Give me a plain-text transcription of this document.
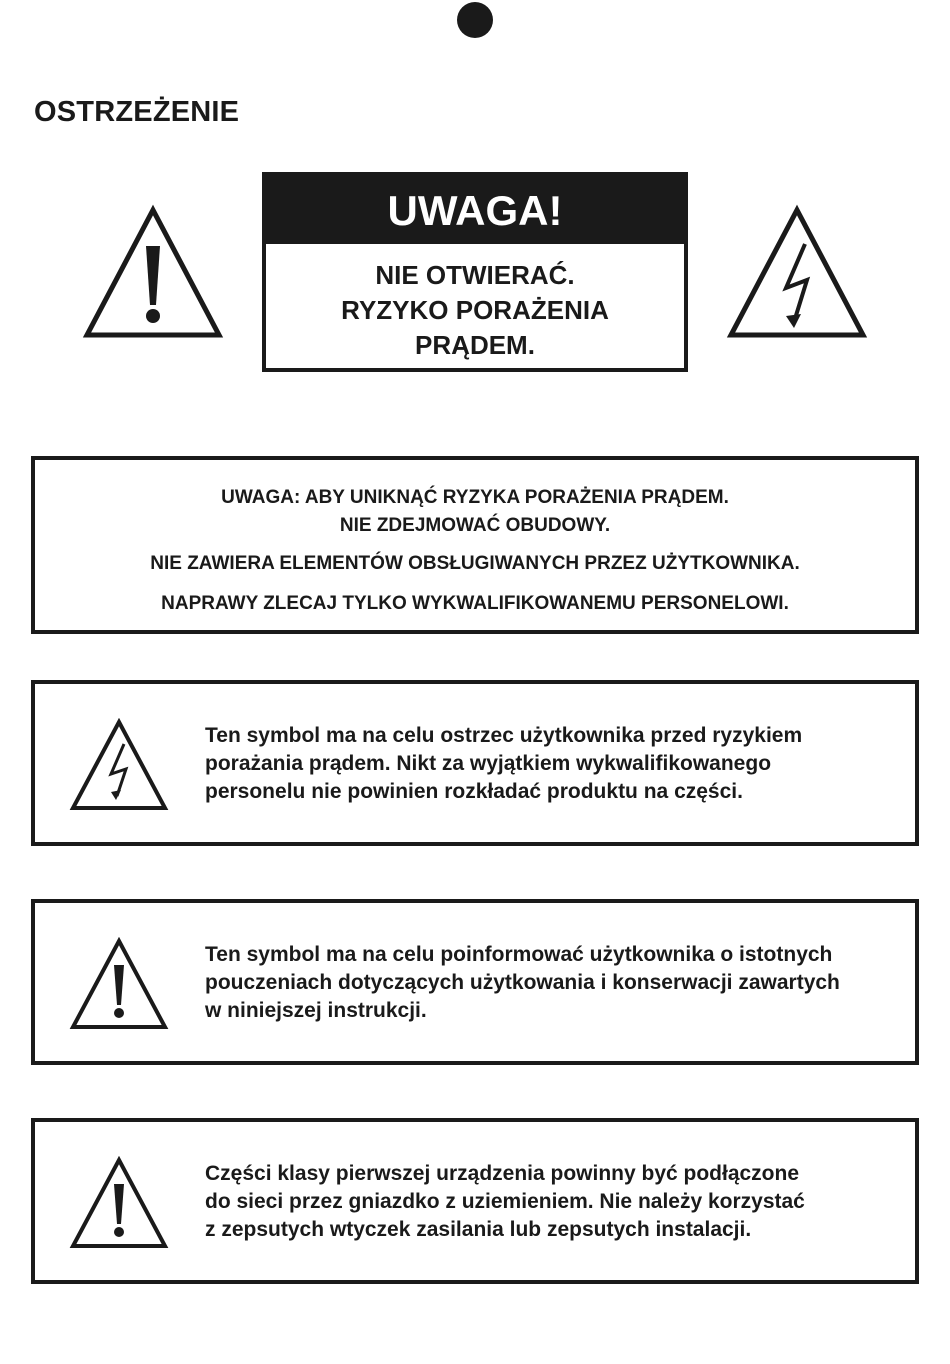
OSTRZEŻENIE
UWAGA!
NIE OTWIERAĆ.
RYZYKO PORAŻENIA
PRĄDEM.

UWAGA: ABY UNIKNĄĆ RYZYKA PORAŻENIA PRĄDEM.
NIE ZDEJMOWAĆ OBUDOWY.

NIE ZAWIERA ELEMENTÓW OBSŁUGIWANYCH PRZEZ UŻYTKOWNIKA.

NAPRAWY ZLECAJ TYLKO WYKWALIFIKOWANEMU PERSONELOWI.

Ten symbol ma na celu ostrzec użytkownika przed ryzykiem
porażania prądem. Nikt za wyjątkiem wykwalifikowanego
personelu nie powinien rozkładać produktu na części.

Ten symbol ma na celu poinformować użytkownika o istotnych
pouczeniach dotyczących użytkowania i konserwacji zawartych
w niniejszej instrukcji.

Części klasy pierwszej urządzenia powinny być podłączone
do sieci przez gniazdko z uziemieniem. Nie należy korzystać
z zepsutych wtyczek zasilania lub zepsutych instalacji.
